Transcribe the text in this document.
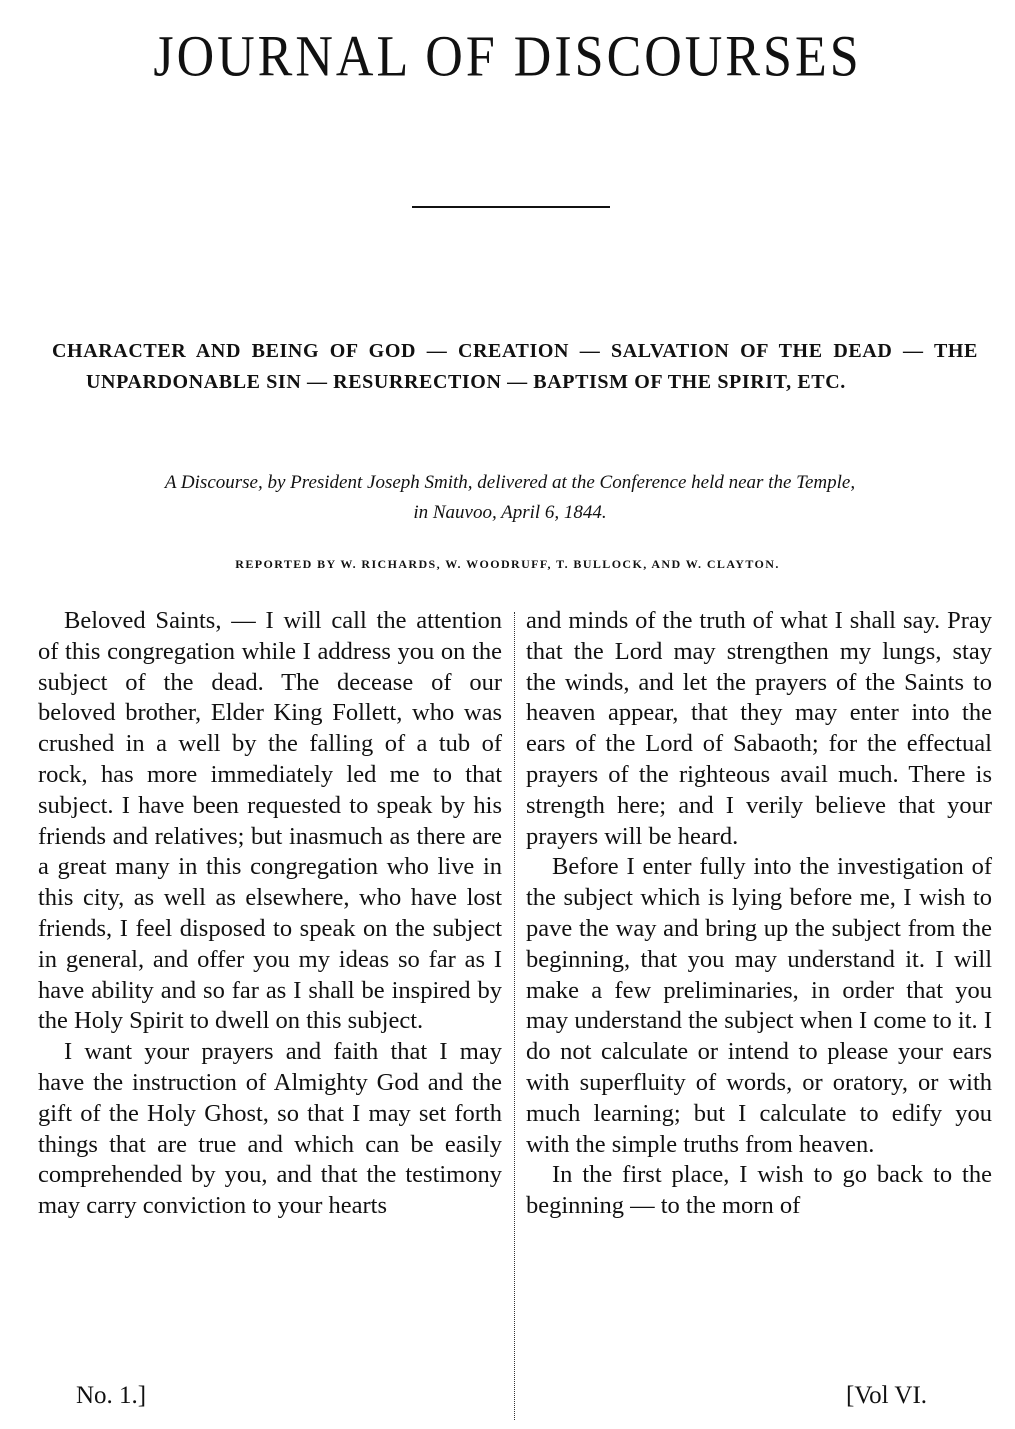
JOURNAL OF DISCOURSES
CHARACTER AND BEING OF GOD — CREATION — SALVATION OF THE DEAD — THE UNPARDONABLE SIN — RESURRECTION — BAPTISM OF THE SPIRIT, ETC.
A Discourse, by President Joseph Smith, delivered at the Conference held near the Temple,
in Nauvoo, April 6, 1844.
REPORTED BY W. RICHARDS, W. WOODRUFF, T. BULLOCK, AND W. CLAYTON.

Beloved Saints, — I will call the attention of this congregation while I address you on the subject of the dead. The decease of our beloved brother, Elder King Follett, who was crushed in a well by the falling of a tub of rock, has more immediately led me to that subject. I have been requested to speak by his friends and relatives; but inasmuch as there are a great many in this congregation who live in this city, as well as elsewhere, who have lost friends, I feel disposed to speak on the subject in general, and offer you my ideas so far as I have ability and so far as I shall be inspired by the Holy Spirit to dwell on this subject.

I want your prayers and faith that I may have the instruction of Almighty God and the gift of the Holy Ghost, so that I may set forth things that are true and which can be easily comprehended by you, and that the testimony may carry conviction to your hearts

and minds of the truth of what I shall say. Pray that the Lord may strengthen my lungs, stay the winds, and let the prayers of the Saints to heaven appear, that they may enter into the ears of the Lord of Sabaoth; for the effectual prayers of the righteous avail much. There is strength here; and I verily believe that your prayers will be heard.

Before I enter fully into the investigation of the subject which is lying before me, I wish to pave the way and bring up the subject from the beginning, that you may understand it. I will make a few preliminaries, in order that you may understand the subject when I come to it. I do not calculate or intend to please your ears with superfluity of words, or oratory, or with much learning; but I calculate to edify you with the simple truths from heaven.

In the first place, I wish to go back to the beginning — to the morn of

No. 1.]	[Vol VI.
